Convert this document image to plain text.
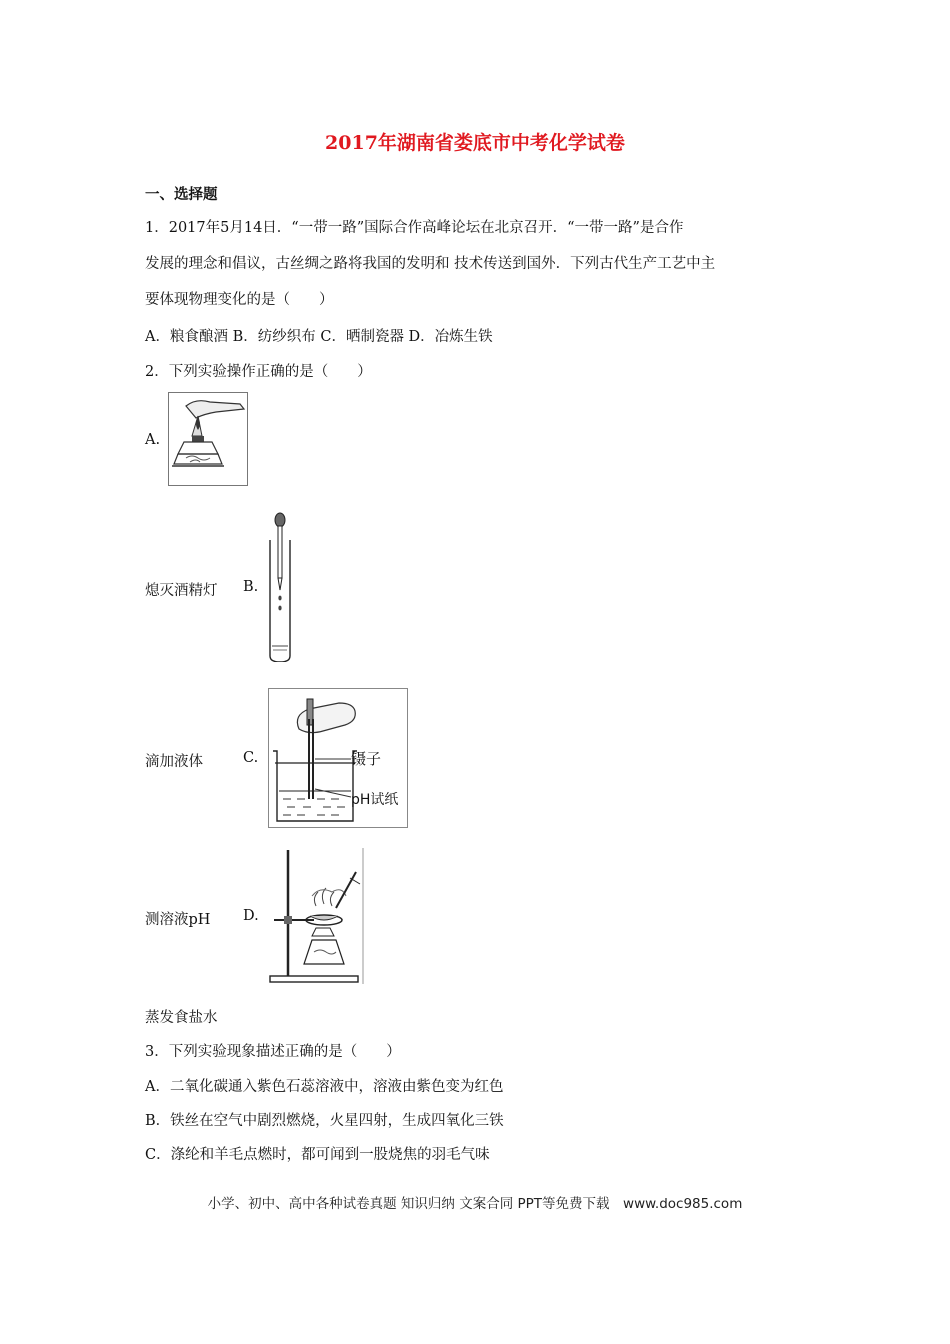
2017年湖南省娄底市中考化学试卷
一、选择题
1．2017年5月14日．“一带一路”国际合作高峰论坛在北京召开．“一带一路”是合作
发展的理念和倡议，古丝绸之路将我国的发明和 技术传送到国外．下列古代生产工艺中主
要体现物理变化的是（　　）
A．粮食酿酒 B．纺纱织布 C．晒制瓷器 D．冶炼生铁
2．下列实验操作正确的是（　　）
A.
熄灭酒精灯 B.
滴加液体	C.	镊子
pH试纸
测溶液pH D.
蒸发食盐水
3．下列实验现象描述正确的是（　　）
A．二氧化碳通入紫色石蕊溶液中，溶液由紫色变为红色
B．铁丝在空气中剧烈燃烧，火星四射，生成四氧化三铁
C．涤纶和羊毛点燃时，都可闻到一股烧焦的羽毛气味
小学、初中、高中各种试卷真题 知识归纳 文案合同 PPT等免费下载　www.doc985.com
